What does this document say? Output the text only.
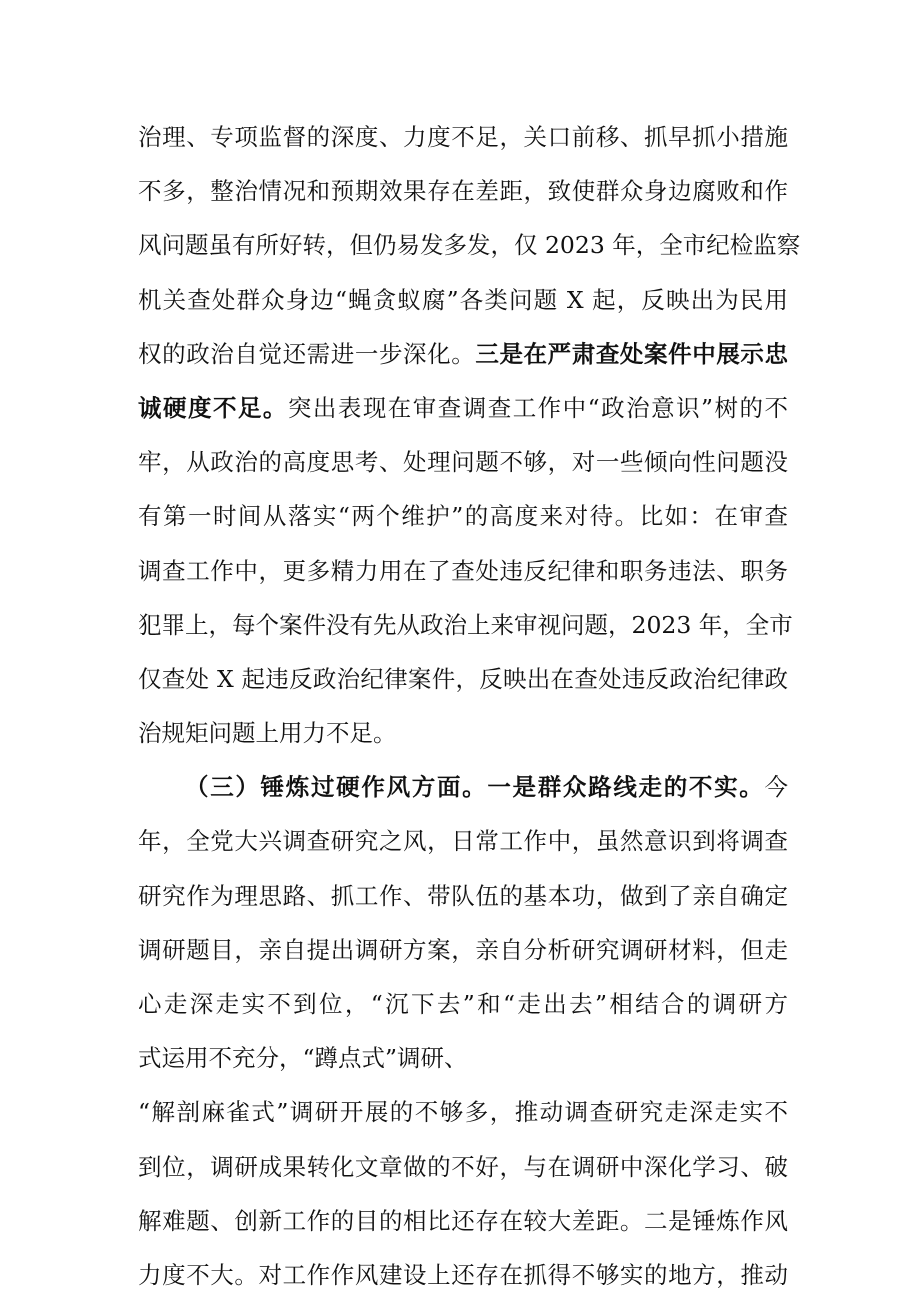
治理、专项监督的深度、力度不足，关口前移、抓早抓小措施
不多，整治情况和预期效果存在差距，致使群众身边腐败和作
风问题虽有所好转，但仍易发多发，仅 2023 年，全市纪检监察
机关查处群众身边“蝇贪蚁腐”各类问题 X 起，反映出为民用
权的政治自觉还需进一步深化。三是在严肃查处案件中展示忠
诚硬度不足。突出表现在审查调查工作中“政治意识”树的不
牢，从政治的高度思考、处理问题不够，对一些倾向性问题没
有第一时间从落实“两个维护”的高度来对待。比如：在审查
调查工作中，更多精力用在了查处违反纪律和职务违法、职务
犯罪上，每个案件没有先从政治上来审视问题，2023 年，全市
仅查处 X 起违反政治纪律案件，反映出在查处违反政治纪律政
治规矩问题上用力不足。
（三）锤炼过硬作风方面。一是群众路线走的不实。今
年，全党大兴调查研究之风，日常工作中，虽然意识到将调查
研究作为理思路、抓工作、带队伍的基本功，做到了亲自确定
调研题目，亲自提出调研方案，亲自分析研究调研材料，但走
心走深走实不到位，“沉下去”和“走出去”相结合的调研方
式运用不充分，“蹲点式”调研、
“解剖麻雀式”调研开展的不够多，推动调查研究走深走实不
到位，调研成果转化文章做的不好，与在调研中深化学习、破
解难题、创新工作的目的相比还存在较大差距。二是锤炼作风
力度不大。对工作作风建设上还存在抓得不够实的地方，推动
